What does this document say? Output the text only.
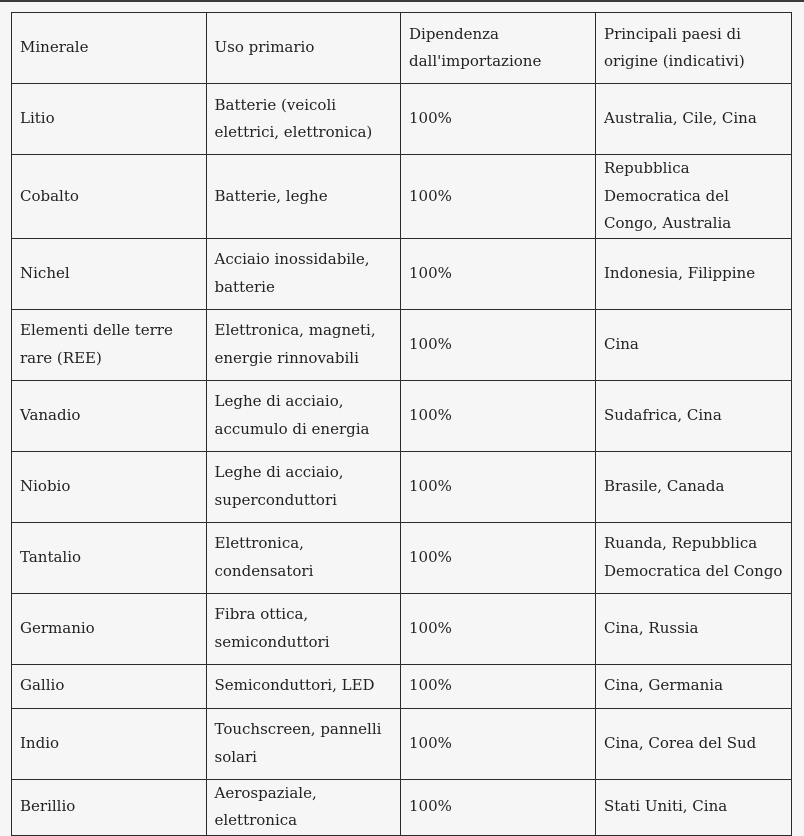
Minerale	Uso primario	Dipendenza dall'importazione	Principali paesi di origine (indicativi)
Litio	Batterie (veicoli elettrici, elettronica)	100%	Australia, Cile, Cina
Cobalto	Batterie, leghe	100%	Repubblica Democratica del Congo, Australia
Nichel	Acciaio inossidabile, batterie	100%	Indonesia, Filippine
Elementi delle terre rare (REE)	Elettronica, magneti, energie rinnovabili	100%	Cina
Vanadio	Leghe di acciaio, accumulo di energia	100%	Sudafrica, Cina
Niobio	Leghe di acciaio, superconduttori	100%	Brasile, Canada
Tantalio	Elettronica, condensatori	100%	Ruanda, Repubblica Democratica del Congo
Germanio	Fibra ottica, semiconduttori	100%	Cina, Russia
Gallio	Semiconduttori, LED	100%	Cina, Germania
Indio	Touchscreen, pannelli solari	100%	Cina, Corea del Sud
Berillio	Aerospaziale, elettronica	100%	Stati Uniti, Cina
